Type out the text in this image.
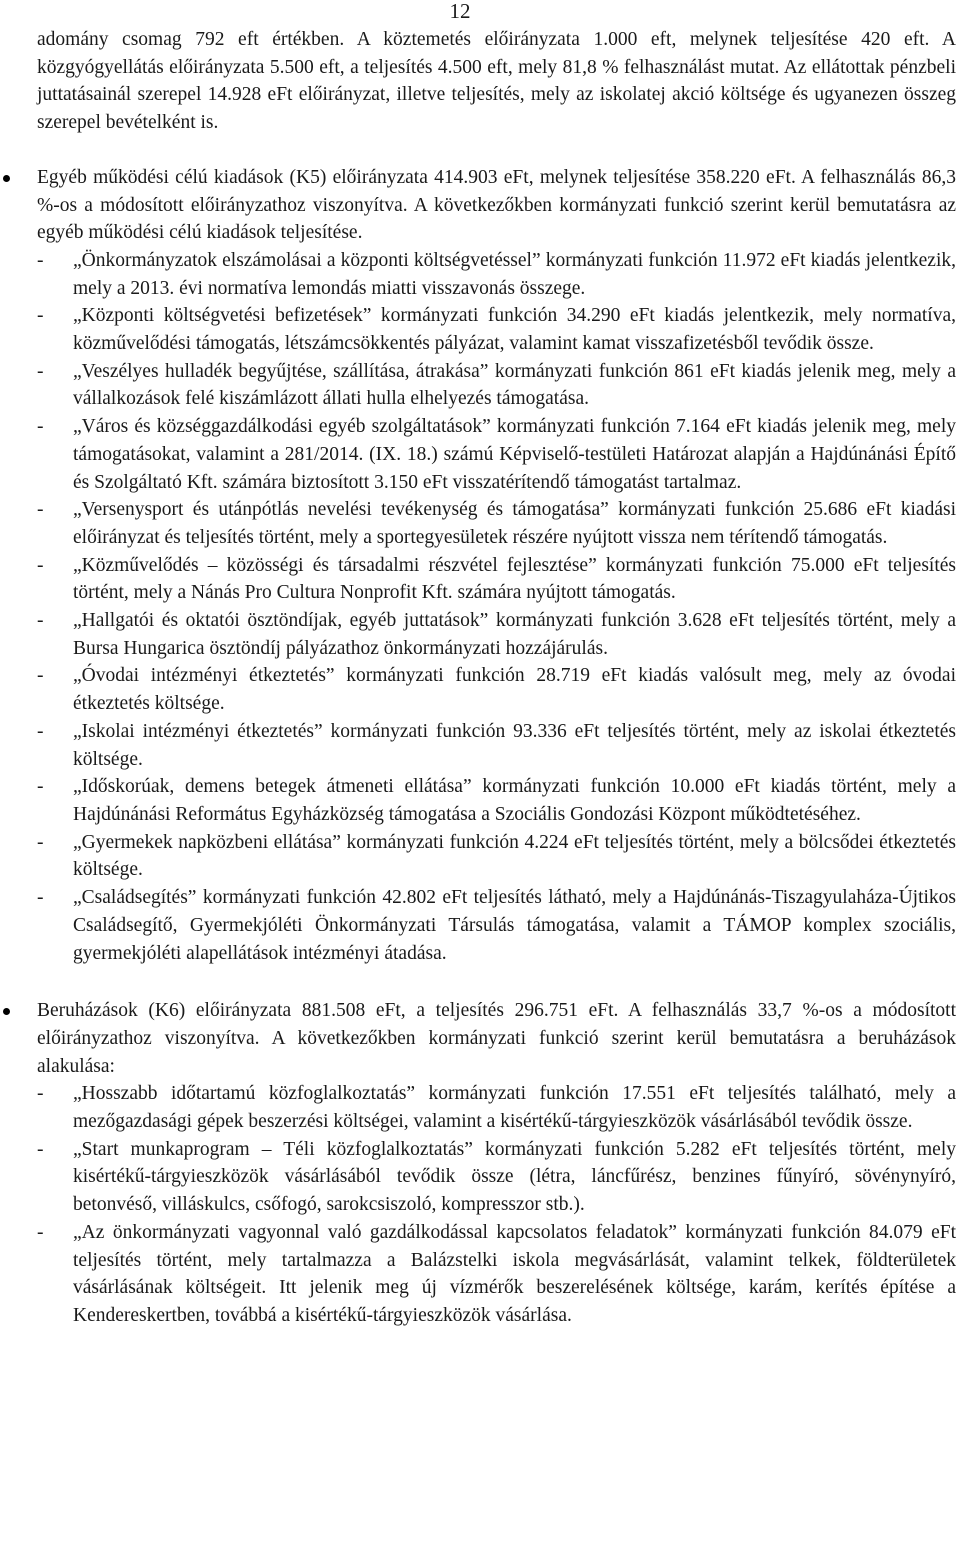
12

adomány csomag 792 eft értékben. A köztemetés előirányzata 1.000 eft, melynek teljesítése 420 eft. A közgyógyellátás előirányzata 5.500 eft, a teljesítés 4.500 eft, mely 81,8 % felhasználást mutat. Az ellátottak pénzbeli juttatásainál szerepel 14.928 eFt előirányzat, illetve teljesítés, mely az iskolatej akció költsége és ugyanezen összeg szerepel bevételként is.

Egyéb működési célú kiadások (K5) előirányzata 414.903 eFt, melynek teljesítése 358.220 eFt. A felhasználás 86,3 %-os a módosított előirányzathoz viszonyítva. A következőkben kormányzati funkció szerint kerül bemutatásra az egyéb működési célú kiadások teljesítése.

- „Önkormányzatok elszámolásai a központi költségvetéssel” kormányzati funkción 11.972 eFt kiadás jelentkezik, mely a 2013. évi normatíva lemondás miatti visszavonás összege.
- „Központi költségvetési befizetések” kormányzati funkción 34.290 eFt kiadás jelentkezik, mely normatíva, közművelődési támogatás, létszámcsökkentés pályázat, valamint kamat visszafizetésből tevődik össze.
- „Veszélyes hulladék begyűjtése, szállítása, átrakása” kormányzati funkción 861 eFt kiadás jelenik meg, mely a vállalkozások felé kiszámlázott állati hulla elhelyezés támogatása.
- „Város és községgazdálkodási egyéb szolgáltatások” kormányzati funkción 7.164 eFt kiadás jelenik meg, mely támogatásokat, valamint a 281/2014. (IX. 18.) számú Képviselő-testületi Határozat alapján a Hajdúnánási Építő és Szolgáltató Kft. számára biztosított 3.150 eFt visszatérítendő támogatást tartalmaz.
- „Versenysport és utánpótlás nevelési tevékenység és támogatása” kormányzati funkción 25.686 eFt kiadási előirányzat és teljesítés történt, mely a sportegyesületek részére nyújtott vissza nem térítendő támogatás.
- „Közművelődés – közösségi és társadalmi részvétel fejlesztése” kormányzati funkción 75.000 eFt teljesítés történt, mely a Nánás Pro Cultura Nonprofit Kft. számára nyújtott támogatás.
- „Hallgatói és oktatói ösztöndíjak, egyéb juttatások” kormányzati funkción 3.628 eFt teljesítés történt, mely a Bursa Hungarica ösztöndíj pályázathoz önkormányzati hozzájárulás.
- „Óvodai intézményi étkeztetés” kormányzati funkción 28.719 eFt kiadás valósult meg, mely az óvodai étkeztetés költsége.
- „Iskolai intézményi étkeztetés” kormányzati funkción 93.336 eFt teljesítés történt, mely az iskolai étkeztetés költsége.
- „Időskorúak, demens betegek átmeneti ellátása” kormányzati funkción 10.000 eFt kiadás történt, mely a Hajdúnánási Református Egyházközség támogatása a Szociális Gondozási Központ működtetéséhez.
- „Gyermekek napközbeni ellátása” kormányzati funkción 4.224 eFt teljesítés történt, mely a bölcsődei étkeztetés költsége.
- „Családsegítés” kormányzati funkción 42.802 eFt teljesítés látható, mely a Hajdúnánás-Tiszagyulaháza-Újtikos Családsegítő, Gyermekjóléti Önkormányzati Társulás támogatása, valamit a TÁMOP komplex szociális, gyermekjóléti alapellátások intézményi átadása.

Beruházások (K6) előirányzata 881.508 eFt, a teljesítés 296.751 eFt. A felhasználás 33,7 %-os a módosított előirányzathoz viszonyítva. A következőkben kormányzati funkció szerint kerül bemutatásra a beruházások alakulása:

- „Hosszabb időtartamú közfoglalkoztatás” kormányzati funkción 17.551 eFt teljesítés található, mely a mezőgazdasági gépek beszerzési költségei, valamint a kisértékű-tárgyieszközök vásárlásából tevődik össze.
- „Start munkaprogram – Téli közfoglalkoztatás” kormányzati funkción 5.282 eFt teljesítés történt, mely kisértékű-tárgyieszközök vásárlásából tevődik össze (létra, láncfűrész, benzines fűnyíró, sövénynyíró, betonvéső, villáskulcs, csőfogó, sarokcsiszoló, kompresszor stb.).
- „Az önkormányzati vagyonnal való gazdálkodással kapcsolatos feladatok” kormányzati funkción 84.079 eFt teljesítés történt, mely tartalmazza a Balázstelki iskola megvásárlását, valamint telkek, földterületek vásárlásának költségeit. Itt jelenik meg új vízmérők beszerelésének költsége, karám, kerítés építése a Kendereskertben, továbbá a kisértékű-tárgyieszközök vásárlása.
